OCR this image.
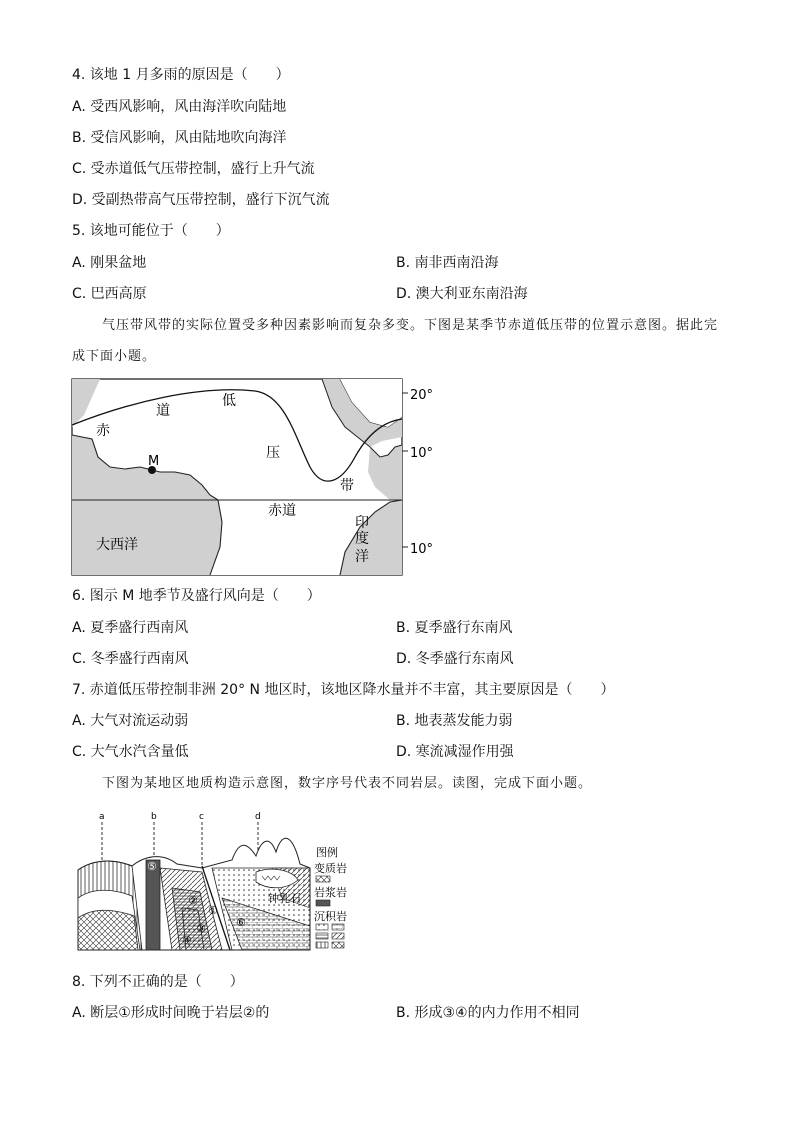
4. 该地 1 月多雨的原因是（　　）
A. 受西风影响，风由海洋吹向陆地
B. 受信风影响，风由陆地吹向海洋
C. 受赤道低气压带控制，盛行上升气流
D. 受副热带高气压带控制，盛行下沉气流
5. 该地可能位于（　　）
A. 刚果盆地	B. 南非西南沿海
C. 巴西高原	D. 澳大利亚东南沿海
气压带风带的实际位置受多种因素影响而复杂多变。下图是某季节赤道低压带的位置示意图。据此完
成下面小题。
20°
10°
10°
赤
道
低
压
带
M
赤道
大西洋
印
度
洋
6. 图示 M 地季节及盛行风向是（　　）
A. 夏季盛行西南风	B. 夏季盛行东南风
C. 冬季盛行西南风	D. 冬季盛行东南风
7. 赤道低压带控制非洲 20° N 地区时，该地区降水量并不丰富，其主要原因是（　　）
A. 大气对流运动弱	B. 地表蒸发能力弱
C. 大气水汽含量低	D. 寒流减湿作用强
下图为某地区地质构造示意图，数字序号代表不同岩层。读图，完成下面小题。
a	b	c	d
⑤
②
①
③
④
⑥
钟乳石
图例
变质岩
岩浆岩
沉积岩
8. 下列不正确的是（　　）
A. 断层①形成时间晚于岩层②的	B. 形成③④的内力作用不相同
